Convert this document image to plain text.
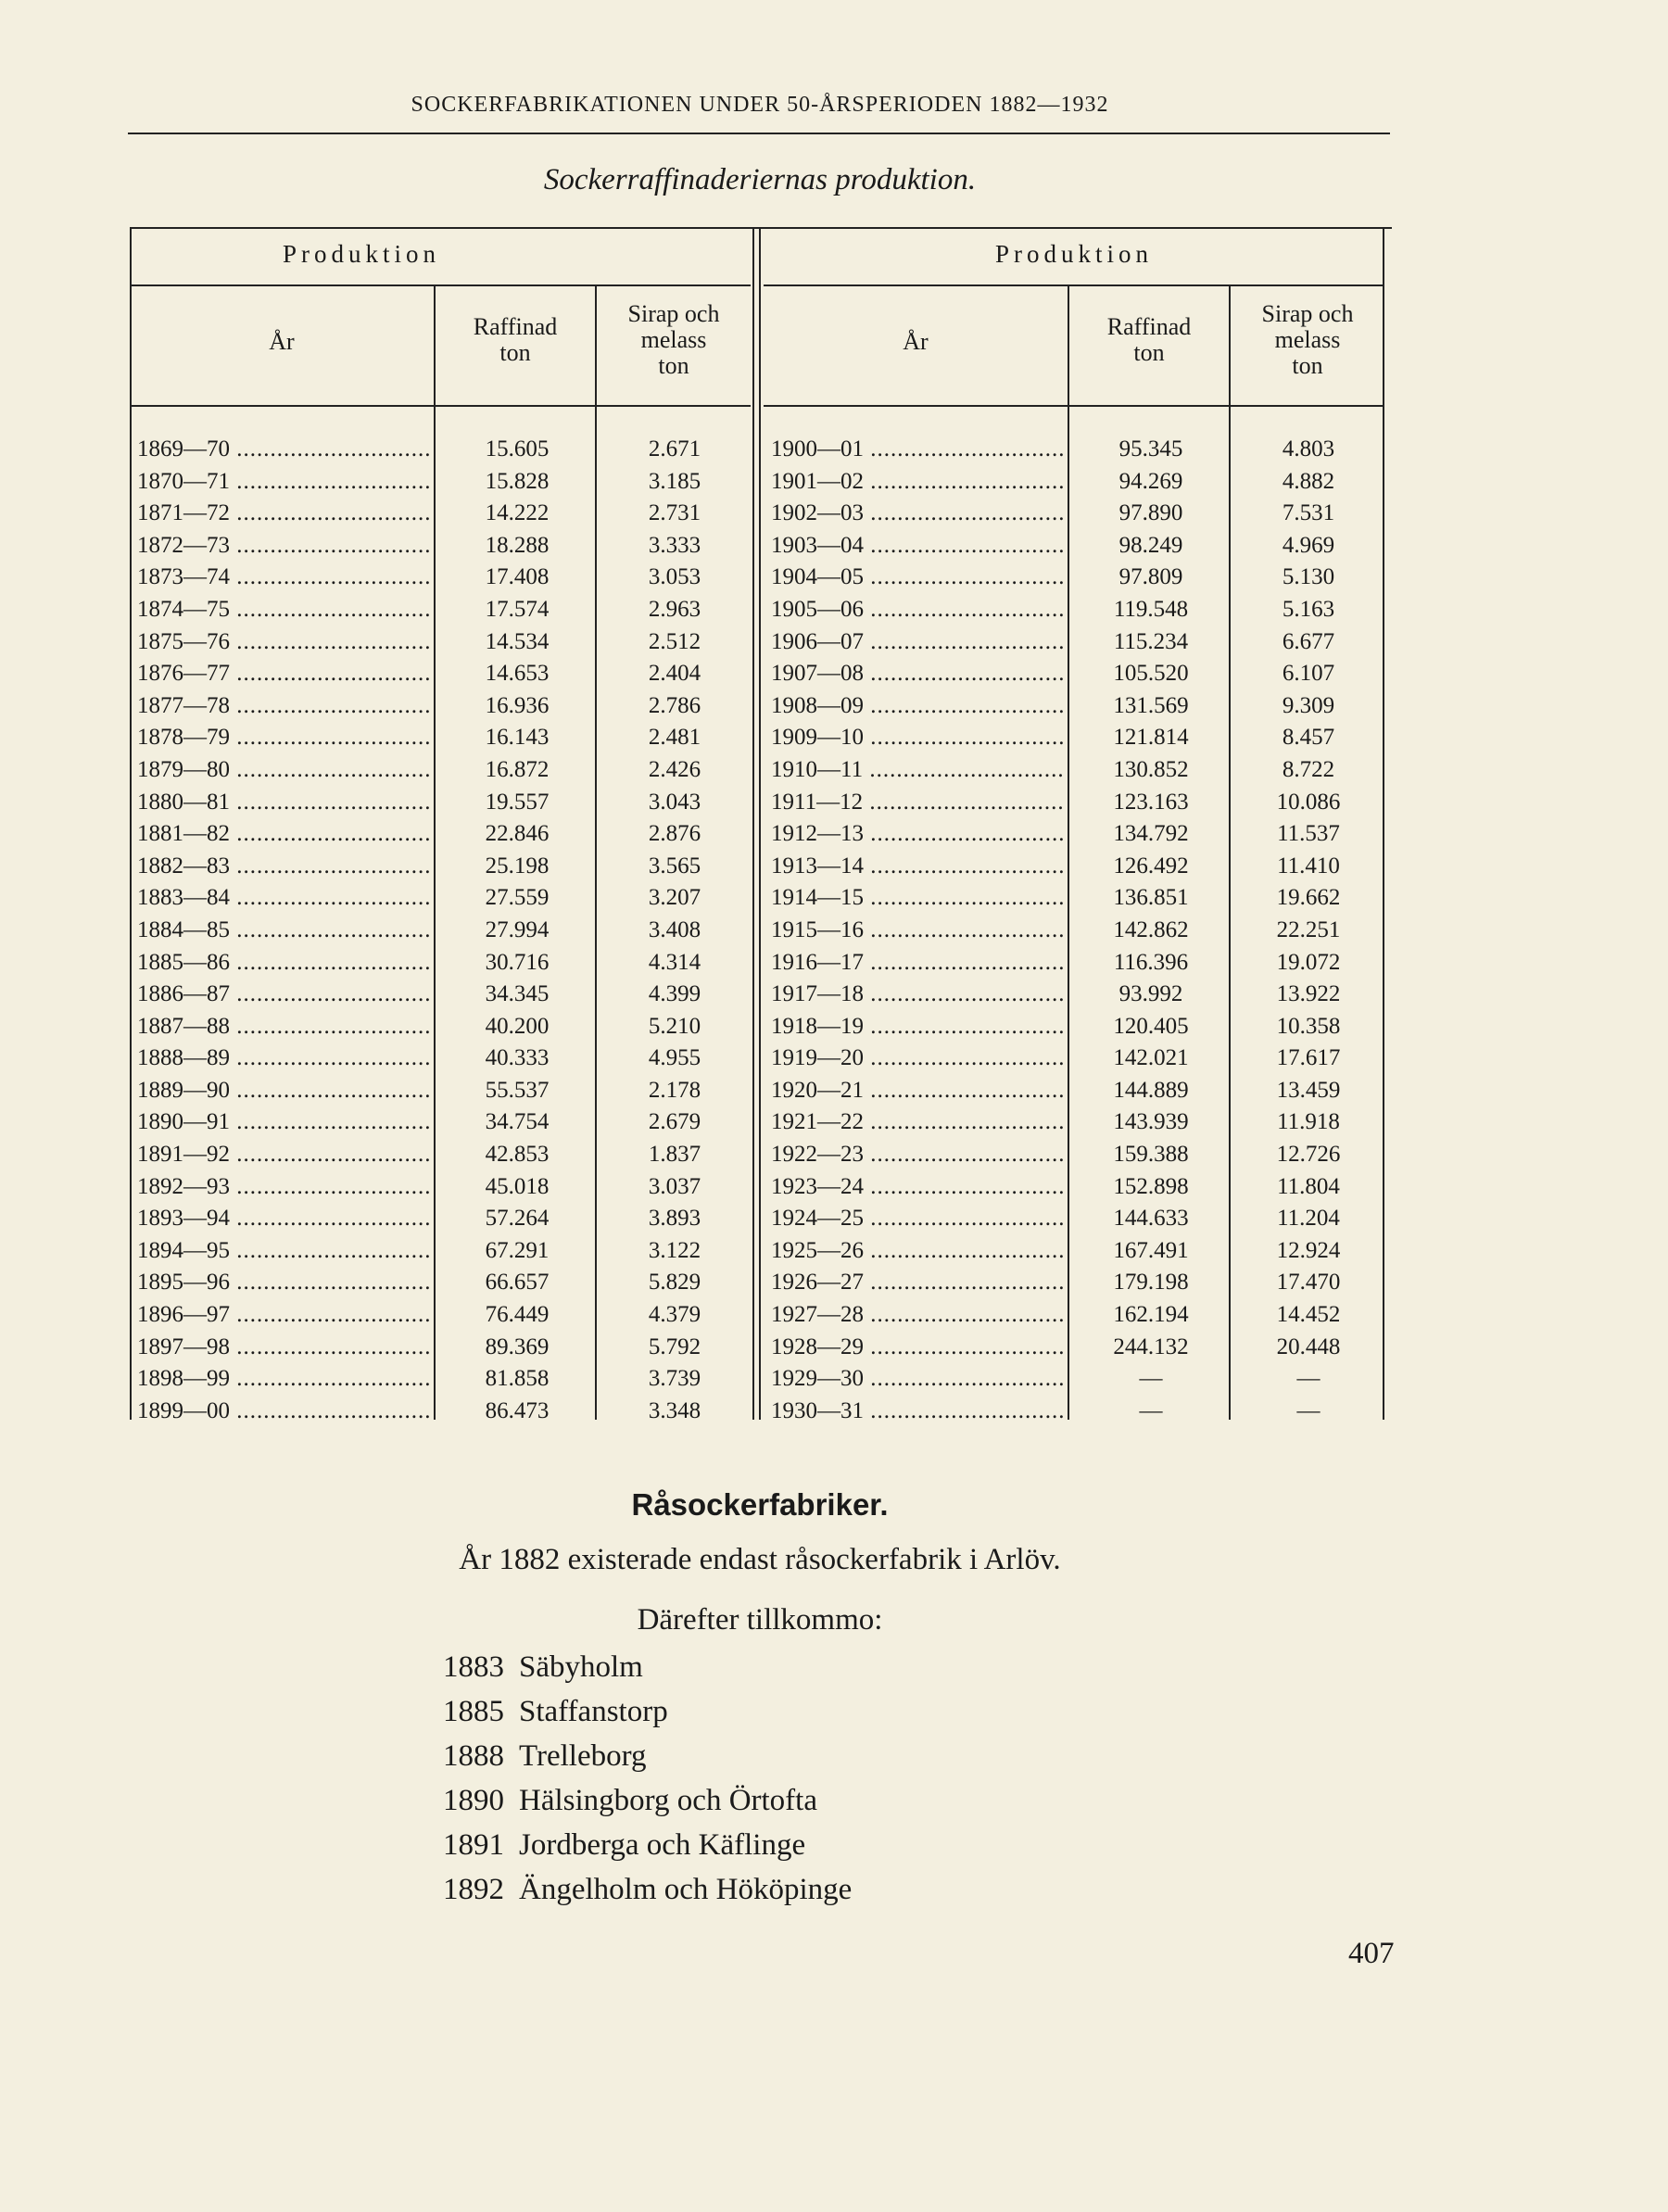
SOCKERFABRIKATIONEN UNDER 50-ÅRSPERIODEN 1882—1932
Sockerraffinaderiernas produktion.
Produktion
År
Raffinad
ton
Sirap och
melass
ton
1869—70 .....	15.605	2.671
1870—71 .....	15.828	3.185
1871—72 .....	14.222	2.731
1872—73 .....	18.288	3.333
1873—74 .....	17.408	3.053
1874—75 .....	17.574	2.963
1875—76 .....	14.534	2.512
1876—77 .....	14.653	2.404
1877—78 .....	16.936	2.786
1878—79 .....	16.143	2.481
1879—80 .....	16.872	2.426
1880—81 .....	19.557	3.043
1881—82 .....	22.846	2.876
1882—83 .....	25.198	3.565
1883—84 .....	27.559	3.207
1884—85 .....	27.994	3.408
1885—86 .....	30.716	4.314
1886—87 .....	34.345	4.399
1887—88 .....	40.200	5.210
1888—89 .....	40.333	4.955
1889—90 .....	55.537	2.178
1890—91 .....	34.754	2.679
1891—92 .....	42.853	1.837
1892—93 .....	45.018	3.037
1893—94 .....	57.264	3.893
1894—95 .....	67.291	3.122
1895—96 .....	66.657	5.829
1896—97 .....	76.449	4.379
1897—98 .....	89.369	5.792
1898—99 .....	81.858	3.739
1899—00 .....	86.473	3.348
Produktion
År
Raffinad
ton
Sirap och
melass
ton
1900—01 .....	95.345	4.803
1901—02 .....	94.269	4.882
1902—03 .....	97.890	7.531
1903—04 .....	98.249	4.969
1904—05 .....	97.809	5.130
1905—06 .....	119.548	5.163
1906—07 .....	115.234	6.677
1907—08 .....	105.520	6.107
1908—09 .....	131.569	9.309
1909—10 .....	121.814	8.457
1910—11 .....	130.852	8.722
1911—12 .....	123.163	10.086
1912—13 .....	134.792	11.537
1913—14 .....	126.492	11.410
1914—15 .....	136.851	19.662
1915—16 .....	142.862	22.251
1916—17 .....	116.396	19.072
1917—18 .....	93.992	13.922
1918—19 .....	120.405	10.358
1919—20 .....	142.021	17.617
1920—21 .....	144.889	13.459
1921—22 .....	143.939	11.918
1922—23 .....	159.388	12.726
1923—24 .....	152.898	11.804
1924—25 .....	144.633	11.204
1925—26 .....	167.491	12.924
1926—27 .....	179.198	17.470
1927—28 .....	162.194	14.452
1928—29 .....	244.132	20.448
1929—30 .....	—	—
1930—31 .....	—	—
Råsockerfabriker.
År 1882 existerade endast råsockerfabrik i Arlöv.
Därefter tillkommo:
1883 Säbyholm
1885 Staffanstorp
1888 Trelleborg
1890 Hälsingborg och Örtofta
1891 Jordberga och Käflinge
1892 Ängelholm och Hököpinge
407
